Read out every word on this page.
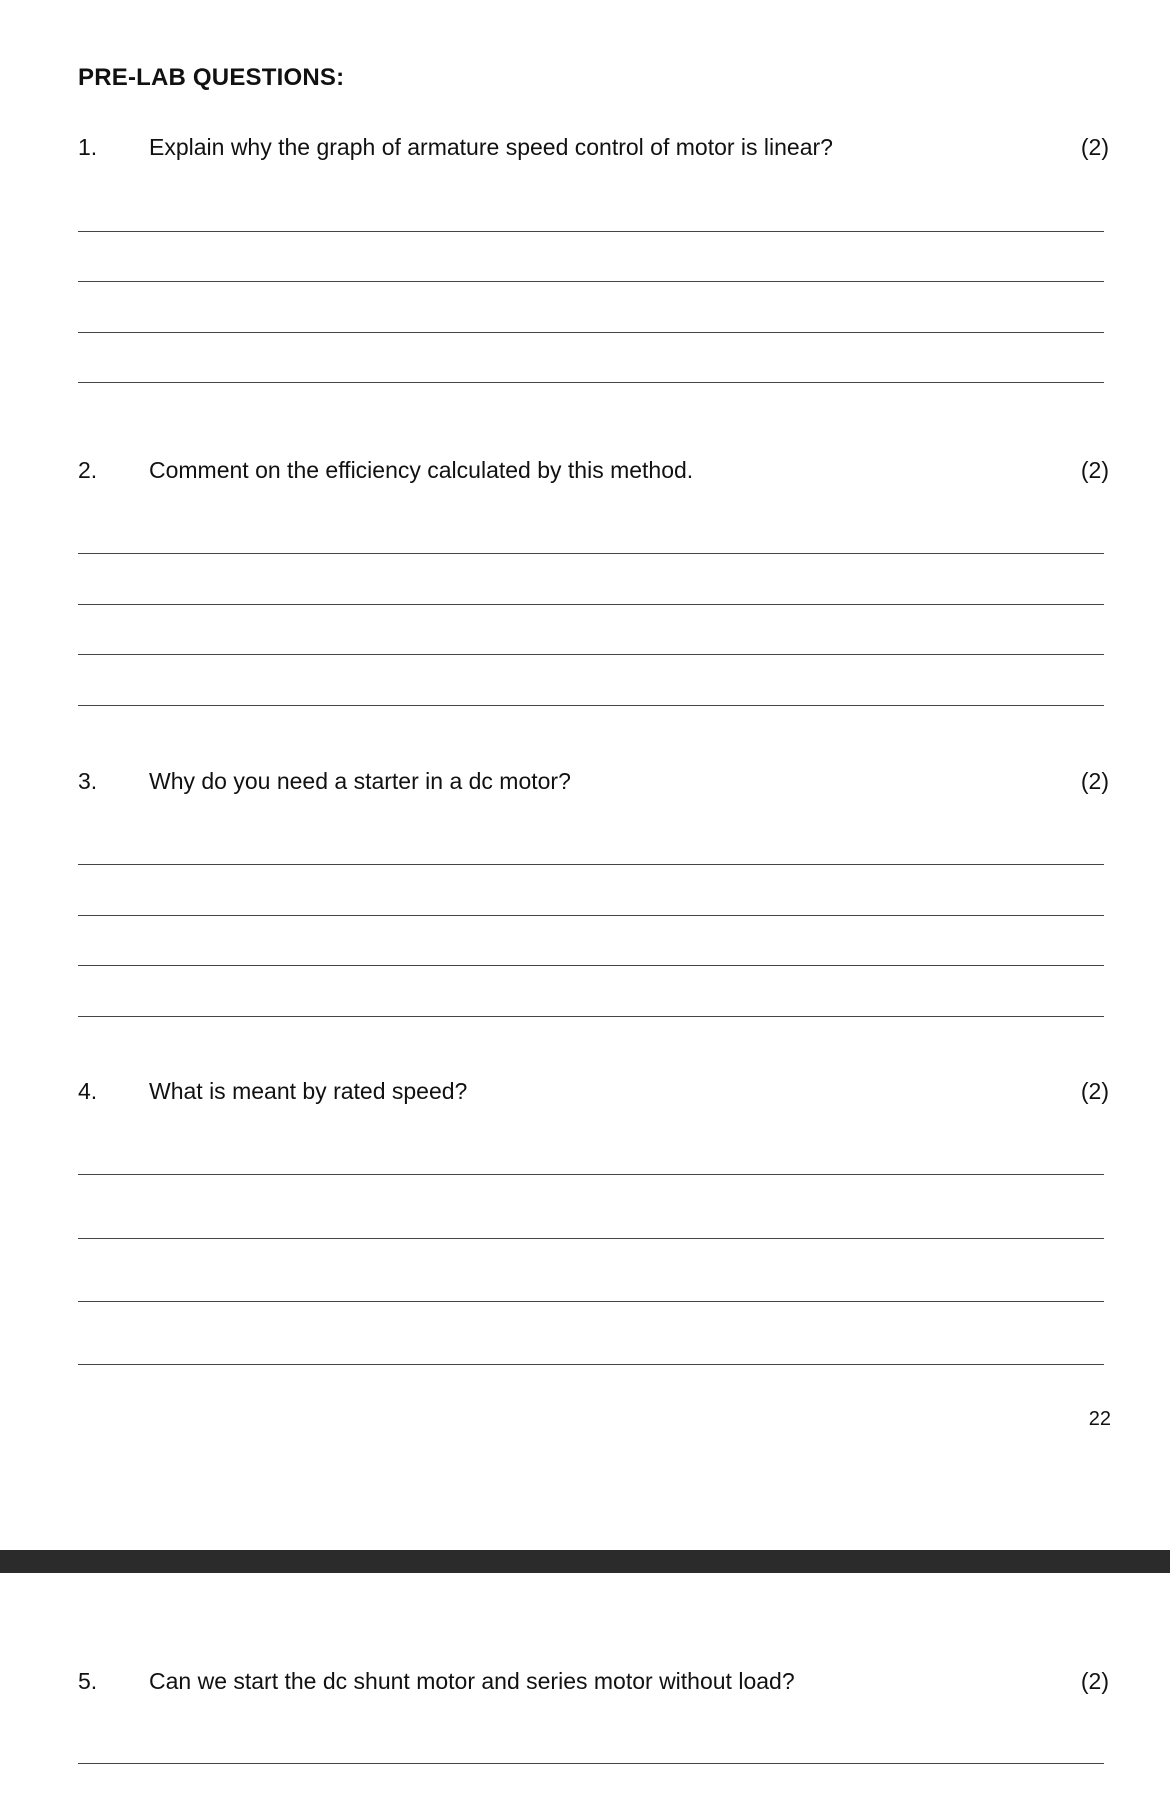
PRE-LAB QUESTIONS:
1. Explain why the graph of armature speed control of motor is linear?	(2)
2. Comment on the efficiency calculated by this method.	(2)
3. Why do you need a starter in a dc motor?	(2)
4. What is meant by rated speed?	(2)
22
5. Can we start the dc shunt motor and series motor without load?	(2)
